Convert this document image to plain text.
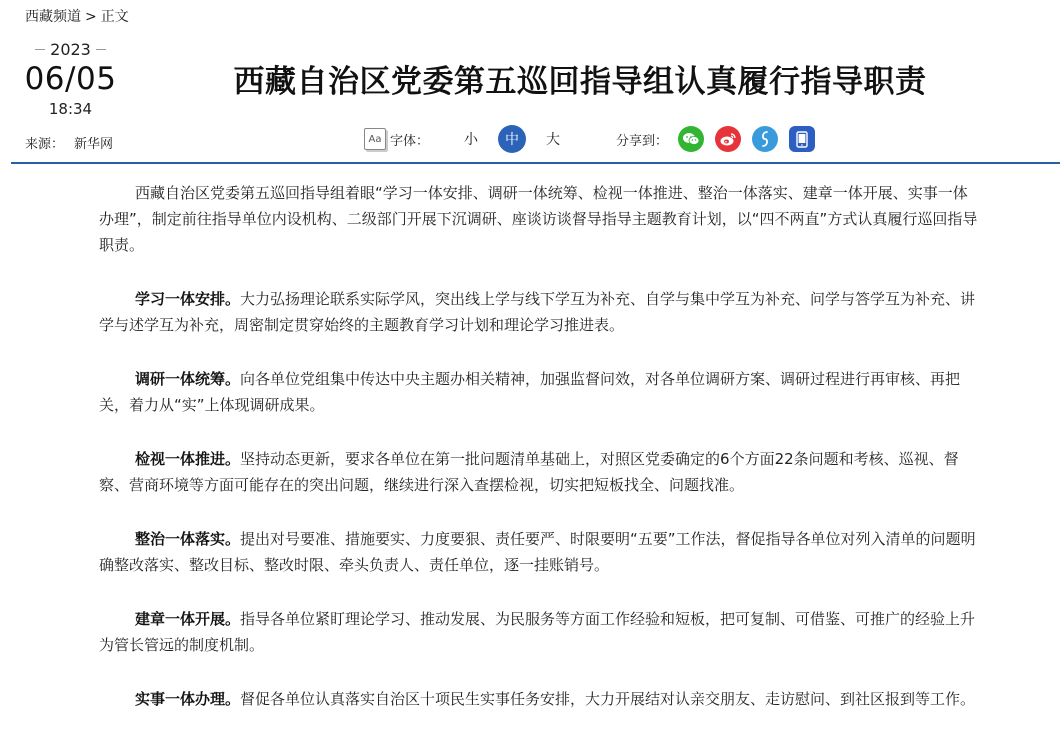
西藏频道 > 正文
2023
06/05
18:34
来源： 新华网
西藏自治区党委第五巡回指导组认真履行指导职责
Aa 字体：	小	中	大	分享到：

西藏自治区党委第五巡回指导组着眼“学习一体安排、调研一体统筹、检视一体推进、整治一体落实、建章一体开展、实事一体办理”，制定前往指导单位内设机构、二级部门开展下沉调研、座谈访谈督导指导主题教育计划，以“四不两直”方式认真履行巡回指导职责。

学习一体安排。大力弘扬理论联系实际学风，突出线上学与线下学互为补充、自学与集中学互为补充、问学与答学互为补充、讲学与述学互为补充，周密制定贯穿始终的主题教育学习计划和理论学习推进表。

调研一体统筹。向各单位党组集中传达中央主题办相关精神，加强监督问效，对各单位调研方案、调研过程进行再审核、再把关，着力从“实”上体现调研成果。

检视一体推进。坚持动态更新，要求各单位在第一批问题清单基础上，对照区党委确定的6个方面22条问题和考核、巡视、督察、营商环境等方面可能存在的突出问题，继续进行深入查摆检视，切实把短板找全、问题找准。

整治一体落实。提出对号要准、措施要实、力度要狠、责任要严、时限要明“五要”工作法，督促指导各单位对列入清单的问题明确整改落实、整改目标、整改时限、牵头负责人、责任单位，逐一挂账销号。

建章一体开展。指导各单位紧盯理论学习、推动发展、为民服务等方面工作经验和短板，把可复制、可借鉴、可推广的经验上升为管长管远的制度机制。

实事一体办理。督促各单位认真落实自治区十项民生实事任务安排，大力开展结对认亲交朋友、走访慰问、到社区报到等工作。
